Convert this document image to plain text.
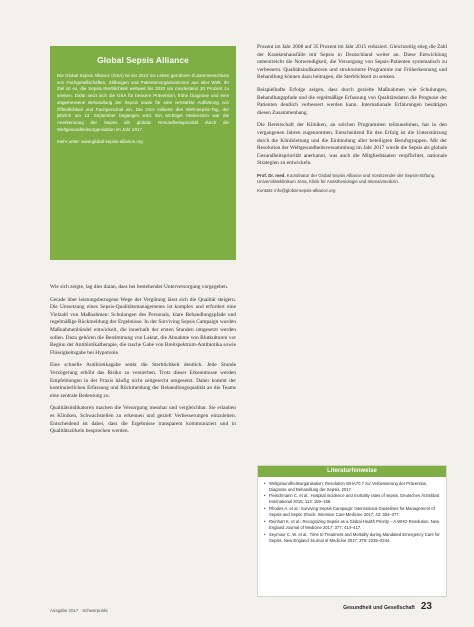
Global Sepsis Alliance

Die Global Sepsis Alliance (GSA) ist ein 2010 ins Leben gerufener Zusammenschluss von Fachgesellschaften, Stiftungen und Patientenorganisationen aus aller Welt. Ihr Ziel ist es, die Sepsis-Sterblichkeit weltweit bis 2020 um mindestens 20 Prozent zu senken. Dafür setzt sich die GSA für bessere Prävention, frühe Diagnose und eine angemessene Behandlung der Sepsis sowie für eine verstärkte Aufklärung von Öffentlichkeit und Fachpersonal ein. Die GSA initiierte den Welt-Sepsis-Tag, der jährlich am 13. September begangen wird. Ein wichtiger Meilenstein war die Anerkennung der Sepsis als globale Gesundheitspriorität durch die Weltgesundheitsorganisation im Jahr 2017.

Mehr unter: www.global-sepsis-alliance.org

Wie sich zeigte, lag dies daran, dass bei bestehender Unterversorgung vorgegeben.

Gerade über leistungsbezogene Wege der Vergütung lässt sich die Qualität steigern. Die Umsetzung eines Sepsis-Qualitätsmanagements ist komplex und erfordert eine Vielzahl von Maßnahmen: Schulungen des Personals, klare Behandlungspfade und regelmäßige Rückmeldung der Ergebnisse. In der Surviving Sepsis Campaign wurden Maßnahmenbündel entwickelt, die innerhalb der ersten Stunden umgesetzt werden sollen. Dazu gehören die Bestimmung von Laktat, die Abnahme von Blutkulturen vor Beginn der Antibiotikatherapie, die rasche Gabe von Breitspektrum-Antibiotika sowie Flüssigkeitsgabe bei Hypotonie.

Eine schnelle Antibiotikagabe senkt die Sterblichkeit deutlich. Jede Stunde Verzögerung erhöht das Risiko zu versterben. Trotz dieser Erkenntnisse werden Empfehlungen in der Praxis häufig nicht zeitgerecht umgesetzt. Daher kommt der kontinuierlichen Erfassung und Rückmeldung der Behandlungsqualität an die Teams eine zentrale Bedeutung zu.

Qualitätsindikatoren machen die Versorgung messbar und vergleichbar. Sie erlauben es Kliniken, Schwachstellen zu erkennen und gezielt Verbesserungen einzuleiten. Entscheidend ist dabei, dass die Ergebnisse transparent kommuniziert und in Qualitätszirkeln besprochen werden.

Prozent im Jahr 2008 auf 35 Prozent im Jahr 2015 reduziert. Gleichzeitig stieg die Zahl der Krankenhausfälle mit Sepsis in Deutschland weiter an. Diese Entwicklung unterstreicht die Notwendigkeit, die Versorgung von Sepsis-Patienten systematisch zu verbessern. Qualitätsindikatoren und strukturierte Programme zur Früherkennung und Behandlung können dazu beitragen, die Sterblichkeit zu senken.

Beispielhafte Erfolge zeigen, dass durch gezielte Maßnahmen wie Schulungen, Behandlungspfade und die regelmäßige Erfassung von Qualitätsdaten die Prognose der Patienten deutlich verbessert werden kann. Internationale Erfahrungen bestätigen diesen Zusammenhang.

Die Bereitschaft der Kliniken, an solchen Programmen teilzunehmen, hat in den vergangenen Jahren zugenommen. Entscheidend für den Erfolg ist die Unterstützung durch die Klinikleitung und die Einbindung aller beteiligten Berufsgruppen. Mit der Resolution der Weltgesundheitsversammlung im Jahr 2017 wurde die Sepsis als globale Gesundheitspriorität anerkannt, was auch die Mitgliedstaaten verpflichtet, nationale Strategien zu entwickeln.

Prof. Dr. med. Koordinator der Global Sepsis Alliance und Vorsitzender der Sepsis-Stiftung. Universitätsklinikum Jena, Klinik für Anästhesiologie und Intensivmedizin.

Kontakt: info@global-sepsis-alliance.org

Literaturhinweise
• Weltgesundheitsorganisation: Resolution WHA70.7 zur Verbesserung der Prävention, Diagnose und Behandlung der Sepsis, 2017.
• Fleischmann C. et al.: Hospital incidence and mortality rates of sepsis. Deutsches Ärzteblatt International 2016; 113: 159–166.
• Rhodes A. et al.: Surviving Sepsis Campaign: International Guidelines for Management of Sepsis and Septic Shock. Intensive Care Medicine 2017; 43: 304–377.
• Reinhart K. et al.: Recognizing Sepsis as a Global Health Priority – A WHO Resolution. New England Journal of Medicine 2017; 377: 414–417.
• Seymour C. W. et al.: Time to Treatment and Mortality during Mandated Emergency Care for Sepsis. New England Journal of Medicine 2017; 376: 2235–2244.
Ausgabe 2017 · Schwerpunkt	Gesundheit und Gesellschaft 23
